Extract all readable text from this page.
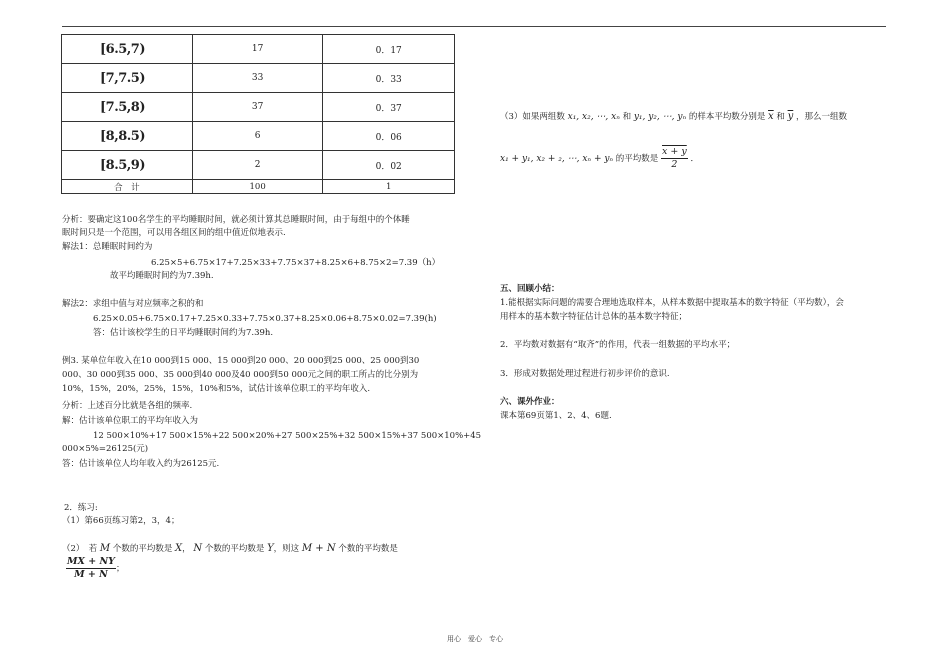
[6.5,7)	17	0．17
[7,7.5)	33	0．33
[7.5,8)	37	0．37
[8,8.5)	6	0．06
[8.5,9)	2	0．02
合　计	100	1
分析：要确定这100名学生的平均睡眠时间，就必须计算其总睡眠时间，由于每组中的个体睡
眠时间只是一个范围，可以用各组区间的组中值近似地表示.
解法1：总睡眠时间约为
6.25×5+6.75×17+7.25×33+7.75×37+8.25×6+8.75×2=7.39（h）
故平均睡眠时间约为7.39h.
解法2：求组中值与对应频率之积的和
6.25×0.05+6.75×0.17+7.25×0.33+7.75×0.37+8.25×0.06+8.75×0.02=7.39(h)
答：估计该校学生的日平均睡眠时间约为7.39h.
例3. 某单位年收入在10 000到15 000、15 000到20 000、20 000到25 000、25 000到30
000、30 000到35 000、35 000到40 000及40 000到50 000元之间的职工所占的比分别为
10%，15%，20%，25%，15%，10%和5%，试估计该单位职工的平均年收入.
分析：上述百分比就是各组的频率.
解：估计该单位职工的平均年收入为
12 500×10%+17 500×15%+22 500×20%+27 500×25%+32 500×15%+37 500×10%+45
000×5%=26125(元)
答：估计该单位人均年收入约为26125元.
2．练习:
（1）第66页练习第2，3，4；
（2）　若 M 个数的平均数是 X， N 个数的平均数是 Y，则这 M + N 个数的平均数是
$\frac{MX + NY}{M + N}$ ；
（3）如果两组数 x₁, x₂, ⋯, xₙ 和 y₁, y₂, ⋯, yₙ 的样本平均数分别是 $\overline{x}$ 和 $\overline{y}$ ，那么一组数
x₁ + y₁, x₂ + ₂, ⋯, xₙ + yₙ 的平均数是 $\frac{x + y}{2}$ ．
五、回顾小结：
1.能根据实际问题的需要合理地选取样本，从样本数据中提取基本的数字特征（平均数），会
用样本的基本数字特征估计总体的基本数字特征；
2．平均数对数据有“取齐”的作用，代表一组数据的平均水平；
3．形成对数据处理过程进行初步评价的意识.
六、课外作业：
课本第69页第1、2、4、6题.
用心　爱心　专心
